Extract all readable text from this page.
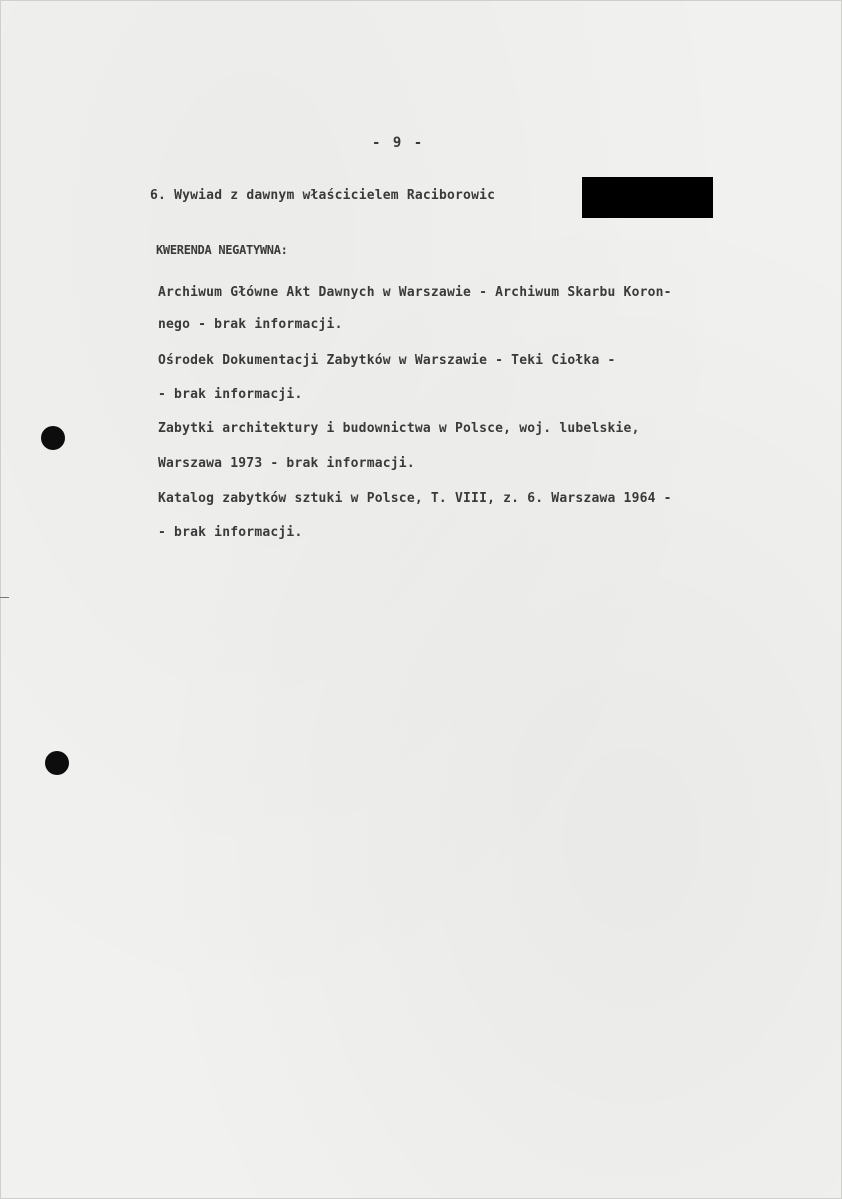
- 9 -
6. Wywiad z dawnym właścicielem Raciborowic
KWERENDA NEGATYWNA:
Archiwum Główne Akt Dawnych w Warszawie - Archiwum Skarbu Koron-
nego - brak informacji.
Ośrodek Dokumentacji Zabytków w Warszawie - Teki Ciołka -
- brak informacji.
Zabytki architektury i budownictwa w Polsce, woj. lubelskie,
Warszawa 1973 - brak informacji.
Katalog zabytków sztuki w Polsce, T. VIII, z. 6. Warszawa 1964 -
- brak informacji.
